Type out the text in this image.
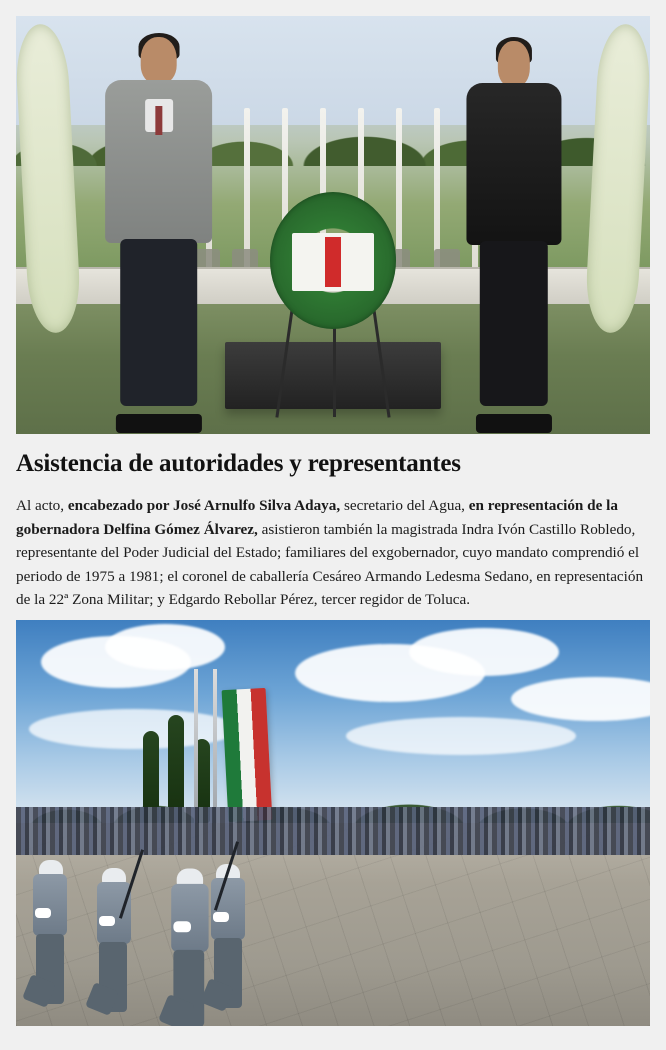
Asistencia de autoridades y representantes

Al acto, encabezado por José Arnulfo Silva Adaya, secretario del Agua, en representación de la gobernadora Delfina Gómez Álvarez, asistieron también la magistrada Indra Ivón Castillo Robledo, representante del Poder Judicial del Estado; familiares del exgobernador, cuyo mandato comprendió el periodo de 1975 a 1981; el coronel de caballería Cesáreo Armando Ledesma Sedano, en representación de la 22ª Zona Militar; y Edgardo Rebollar Pérez, tercer regidor de Toluca.
